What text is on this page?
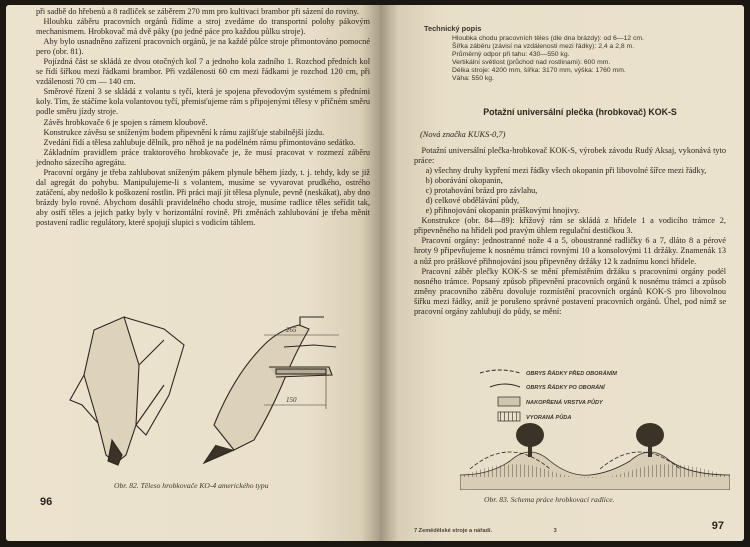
při sadbě do hřebenů a 8 radliček se záběrem 270 mm pro kultivaci brambor při sázení do roviny.

Hloubku záběru pracovních orgánů řídíme a stroj zvedáme do transportní polohy pákovým mechanismem. Hrobkovač má dvě páky (po jedné páce pro každou půlku stroje).

Aby bylo usnadněno zařízení pracovních orgánů, je na každé půlce stroje přimontováno pomocné pero (obr. 81).

Pojízdná část se skládá ze dvou otočných kol 7 a jednoho kola zadního 1. Rozchod předních kol se řídí šířkou mezi řádkami brambor. Při vzdálenosti 60 cm mezi řádkami je rozchod 120 cm, při vzdálenosti 70 cm — 140 cm.

Směrové řízení 3 se skládá z volantu s tyčí, která je spojena převodovým systémem s předními koly. Tím, že stáčíme kola volantovou tyčí, přemisťujeme rám s připojenými tělesy v příčném směru podle směru jízdy stroje.

Závěs hrobkovače 6 je spojen s rámem kloubově.

Konstrukce závěsu se sníženým bodem připevnění k rámu zajišťuje stabilnější jízdu.

Zvedání řídí a tělesa zahlubuje dělník, pro něhož je na podélném rámu přimontováno sedátko.

Základním pravidlem práce traktorového hrobkovače je, že musí pracovat v rozmezí záběru jednoho sázecího agregátu.

Pracovní orgány je třeba zahlubovat sníženým pákem plynule během jízdy, t. j. tehdy, kdy se již dal agregát do pohybu. Manipulujeme-li s volantem, musíme se vyvarovat prudkého, ostrého zatáčení, aby nedošlo k poškození rostlin. Při práci mají jít tělesa plynule, pevně (neskákat), aby dno brázdy bylo rovné. Abychom dosáhli pravidelného chodu stroje, musíme radlice těles seřídit tak, aby ostří těles a jejich patky byly v horizontální rovině. Při změnách zahlubování je třeba měnit postavení radlic regulátory, které spojují slupici s vodicím táhlem.

265
150
Obr. 82. Těleso hrobkovače KO-4 amerického typu
96
Technický popis
Hloubka chodu pracovních těles (dle dna brázdy): od 6—12 cm.
Šířka záběru (závisí na vzdálenosti mezi řádky): 2,4 a 2,8 m.
Průměrný odpor při tahu: 430—550 kg.
Vertikální světlost (průchod nad rostlinami): 600 mm.
Délka stroje: 4200 mm, šířka: 3170 mm, výška: 1760 mm.
Váha: 550 kg.
Potažní universální plečka (hrobkovač) KOK-S
(Nová značka KUKS-0,7)

Potažní universální plečka-hrobkovač KOK-S, výrobek závodu Rudý Aksaj, vykonává tyto práce:

a) všechny druhy kypření mezi řádky všech okopanin při libovolné šířce mezi řádky,

b) oborávání okopanin,

c) protahování brázd pro závlahu,

d) celkové obdělávání půdy,

e) přihnojování okopanin práškovými hnojivy.

Konstrukce (obr. 84—89): křížový rám se skládá z hřídele 1 a vodicího trámce 2, připevněného na hřídeli pod pravým úhlem regulační destičkou 3.

Pracovní orgány: jednostranné nože 4 a 5, oboustranné radličky 6 a 7, dláto 8 a pérové hroty 9 připevňujeme k nosnému trámci rovnými 10 a konsolovými 11 držáky. Znamenák 13 a nůž pro práškové přihnojování jsou připevněny držáky 12 k zadnímu konci hřídele.

Pracovní záběr plečky KOK-S se mění přemístěním držáku s pracovními orgány podél nosného trámce. Popsaný způsob připevnění pracovních orgánů k nosnému trámci a způsob změny pracovního záběru dovoluje rozmístění pracovních orgánů KOK-S pro libovolnou šířku mezi řádky, aniž je porušeno správné postavení pracovních orgánů. Úhel, pod nímž se pracovní orgány zahlubují do půdy, se mění:

OBRYS ŘÁDKY PŘED OBORÁNÍM
OBRYS ŘÁDKY PO OBORÁNÍ
NAKOPŘENÁ VRSTVA PŮDY
VYORANÁ PŮDA
Obr. 83. Schema práce hrobkovací radlice.
7 Zemědělské stroje a nářadí.	3	97
